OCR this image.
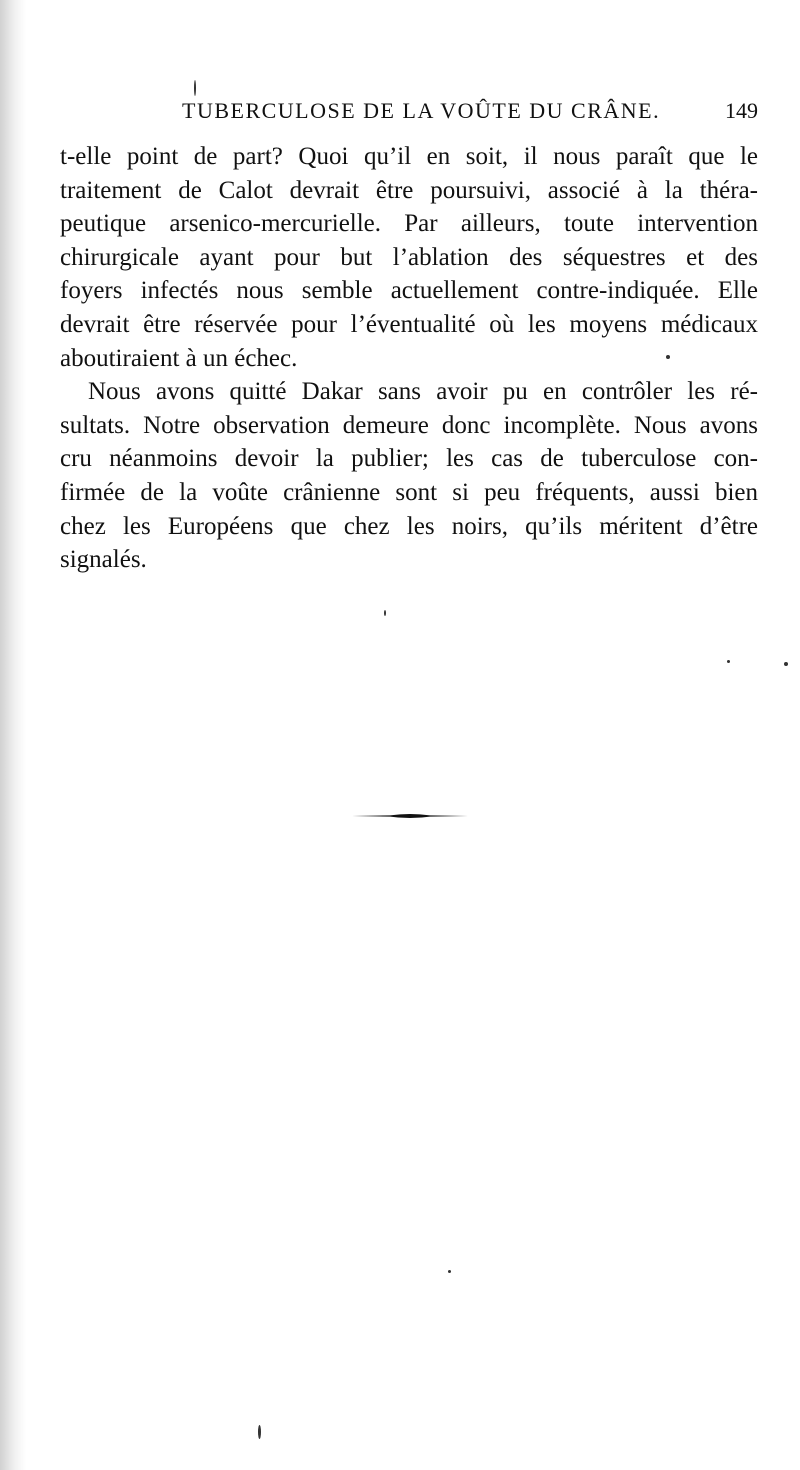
TUBERCULOSE DE LA VOÛTE DU CRÂNE.	149
t-elle point de part? Quoi qu’il en soit, il nous paraît que le
traitement de Calot devrait être poursuivi, associé à la théra-
peutique arsenico-mercurielle. Par ailleurs, toute intervention
chirurgicale ayant pour but l’ablation des séquestres et des
foyers infectés nous semble actuellement contre-indiquée. Elle
devrait être réservée pour l’éventualité où les moyens médicaux
aboutiraient à un échec.
Nous avons quitté Dakar sans avoir pu en contrôler les ré-
sultats. Notre observation demeure donc incomplète. Nous avons
cru néanmoins devoir la publier; les cas de tuberculose con-
firmée de la voûte crânienne sont si peu fréquents, aussi bien
chez les Européens que chez les noirs, qu’ils méritent d’être
signalés.
